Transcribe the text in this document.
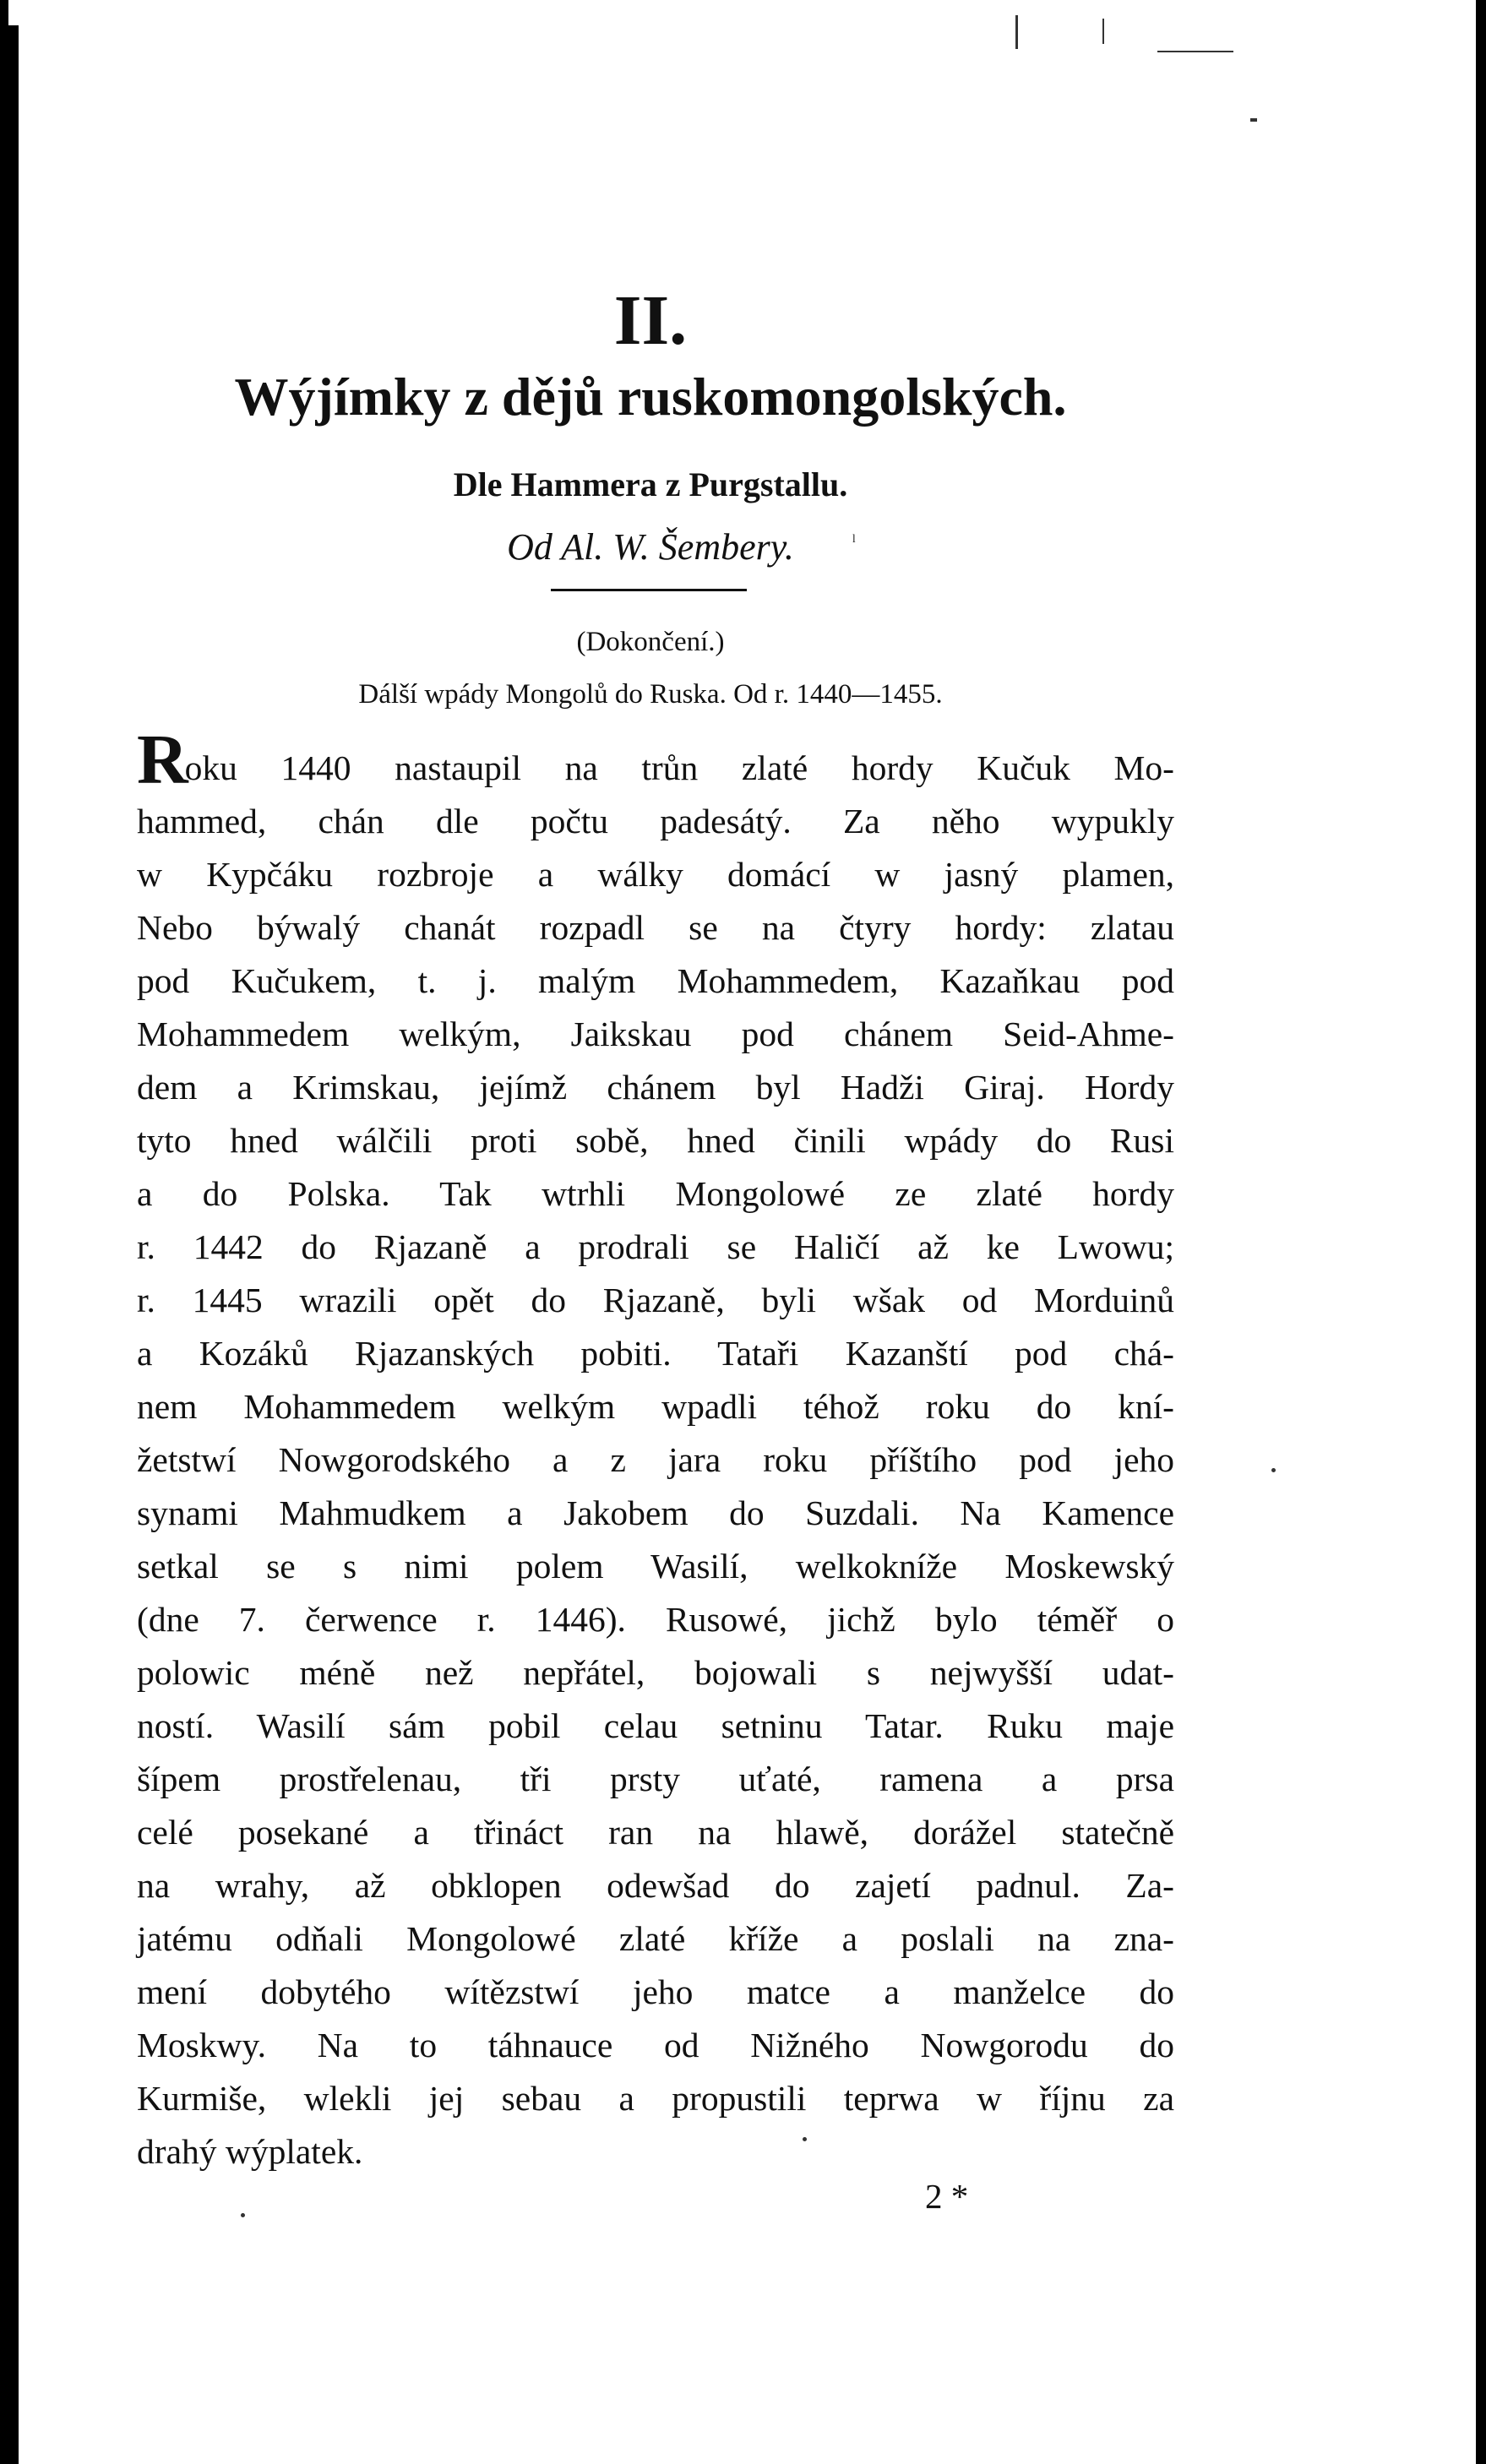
II.
Wýjímky z dějů ruskomongolských.
Dle Hammera z Purgstallu.
Od Al. W. Šembery.	ˡ
(Dokončení.)
Dálší wpády Mongolů do Ruska. Od r. 1440—1455.
Roku 1440 nastaupil na trůn zlaté hordy Kučuk Mo-
hammed, chán dle počtu padesátý. Za něho wypukly
w Kypčáku rozbroje a wálky domácí w jasný plamen,
Nebo býwalý chanát rozpadl se na čtyry hordy: zlatau
pod Kučukem, t. j. malým Mohammedem, Kazaňkau pod
Mohammedem welkým, Jaikskau pod chánem Seid-Ahme-
dem a Krimskau, jejímž chánem byl Hadži Giraj. Hordy
tyto hned wálčili proti sobě, hned činili wpády do Rusi
a do Polska. Tak wtrhli Mongolowé ze zlaté hordy
r. 1442 do Rjazaně a prodrali se Haličí až ke Lwowu;
r. 1445 wrazili opět do Rjazaně, byli wšak od Morduinů
a Kozáků Rjazanských pobiti. Tataři Kazanští pod chá-
nem Mohammedem welkým wpadli téhož roku do kní-
žetstwí Nowgorodského a z jara roku příštího pod jeho
synami Mahmudkem a Jakobem do Suzdali. Na Kamence
setkal se s nimi polem Wasilí, welkokníže Moskewský
(dne 7. čerwence r. 1446). Rusowé, jichž bylo téměř o
polowic méně než nepřátel, bojowali s nejwyšší udat-
ností. Wasilí sám pobil celau setninu Tatar. Ruku maje
šípem prostřelenau, tři prsty uťaté, ramena a prsa
celé posekané a třináct ran na hlawě, dorážel statečně
na wrahy, až obklopen odewšad do zajetí padnul. Za-
jatému odňali Mongolowé zlaté kříže a poslali na zna-
mení dobytého wítězstwí jeho matce a manželce do
Moskwy. Na to táhnauce od Nižného Nowgorodu do
Kurmiše, wlekli jej sebau a propustili teprwa w říjnu za
drahý wýplatek.
2 *
